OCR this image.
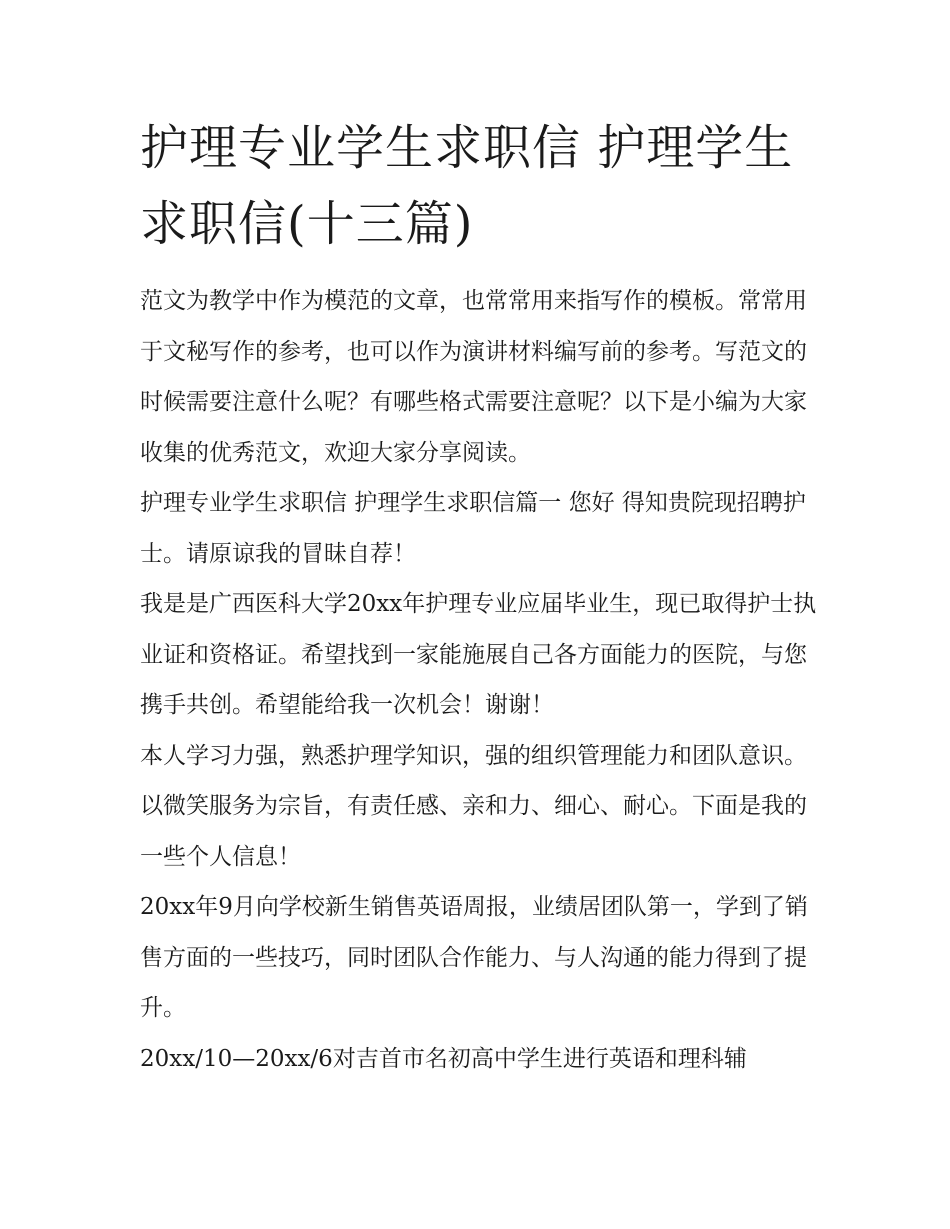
护理专业学生求职信 护理学生求职信(十三篇)

范文为教学中作为模范的文章，也常常用来指写作的模板。常常用于文秘写作的参考，也可以作为演讲材料编写前的参考。写范文的时候需要注意什么呢？有哪些格式需要注意呢？以下是小编为大家收集的优秀范文，欢迎大家分享阅读。

护理专业学生求职信 护理学生求职信篇一 您好 得知贵院现招聘护士。请原谅我的冒昧自荐！

我是是广西医科大学20xx年护理专业应届毕业生，现已取得护士执业证和资格证。希望找到一家能施展自己各方面能力的医院，与您携手共创。希望能给我一次机会！谢谢！

本人学习力强，熟悉护理学知识，强的组织管理能力和团队意识。以微笑服务为宗旨，有责任感、亲和力、细心、耐心。下面是我的一些个人信息！

20xx年9月向学校新生销售英语周报，业绩居团队第一，学到了销售方面的一些技巧，同时团队合作能力、与人沟通的能力得到了提升。

20xx/10—20xx/6对吉首市名初高中学生进行英语和理科辅
